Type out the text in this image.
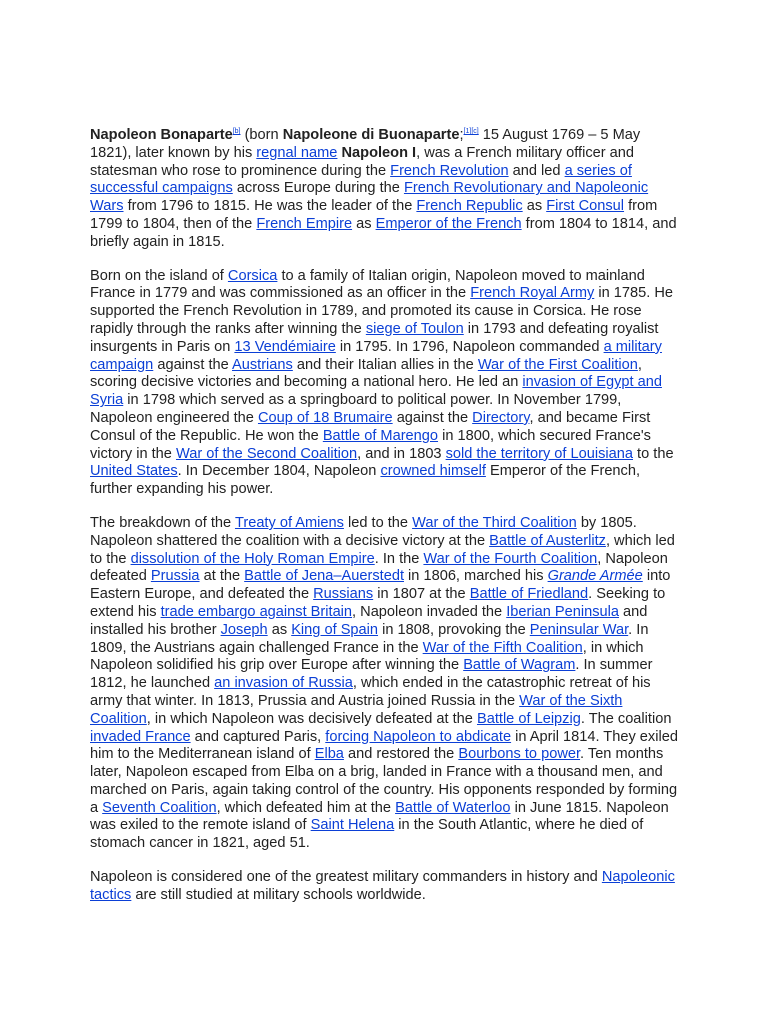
Napoleon Bonaparte[b] (born Napoleone di Buonaparte;[1][c] 15 August 1769 – 5 May 1821), later known by his regnal name Napoleon I, was a French military officer and statesman who rose to prominence during the French Revolution and led a series of successful campaigns across Europe during the French Revolutionary and Napoleonic Wars from 1796 to 1815. He was the leader of the French Republic as First Consul from 1799 to 1804, then of the French Empire as Emperor of the French from 1804 to 1814, and briefly again in 1815.

Born on the island of Corsica to a family of Italian origin, Napoleon moved to mainland France in 1779 and was commissioned as an officer in the French Royal Army in 1785. He supported the French Revolution in 1789, and promoted its cause in Corsica. He rose rapidly through the ranks after winning the siege of Toulon in 1793 and defeating royalist insurgents in Paris on 13 Vendémiaire in 1795. In 1796, Napoleon commanded a military campaign against the Austrians and their Italian allies in the War of the First Coalition, scoring decisive victories and becoming a national hero. He led an invasion of Egypt and Syria in 1798 which served as a springboard to political power. In November 1799, Napoleon engineered the Coup of 18 Brumaire against the Directory, and became First Consul of the Republic. He won the Battle of Marengo in 1800, which secured France's victory in the War of the Second Coalition, and in 1803 sold the territory of Louisiana to the United States. In December 1804, Napoleon crowned himself Emperor of the French, further expanding his power.

The breakdown of the Treaty of Amiens led to the War of the Third Coalition by 1805. Napoleon shattered the coalition with a decisive victory at the Battle of Austerlitz, which led to the dissolution of the Holy Roman Empire. In the War of the Fourth Coalition, Napoleon defeated Prussia at the Battle of Jena–Auerstedt in 1806, marched his Grande Armée into Eastern Europe, and defeated the Russians in 1807 at the Battle of Friedland. Seeking to extend his trade embargo against Britain, Napoleon invaded the Iberian Peninsula and installed his brother Joseph as King of Spain in 1808, provoking the Peninsular War. In 1809, the Austrians again challenged France in the War of the Fifth Coalition, in which Napoleon solidified his grip over Europe after winning the Battle of Wagram. In summer 1812, he launched an invasion of Russia, which ended in the catastrophic retreat of his army that winter. In 1813, Prussia and Austria joined Russia in the War of the Sixth Coalition, in which Napoleon was decisively defeated at the Battle of Leipzig. The coalition invaded France and captured Paris, forcing Napoleon to abdicate in April 1814. They exiled him to the Mediterranean island of Elba and restored the Bourbons to power. Ten months later, Napoleon escaped from Elba on a brig, landed in France with a thousand men, and marched on Paris, again taking control of the country. His opponents responded by forming a Seventh Coalition, which defeated him at the Battle of Waterloo in June 1815. Napoleon was exiled to the remote island of Saint Helena in the South Atlantic, where he died of stomach cancer in 1821, aged 51.

Napoleon is considered one of the greatest military commanders in history and Napoleonic tactics are still studied at military schools worldwide.
